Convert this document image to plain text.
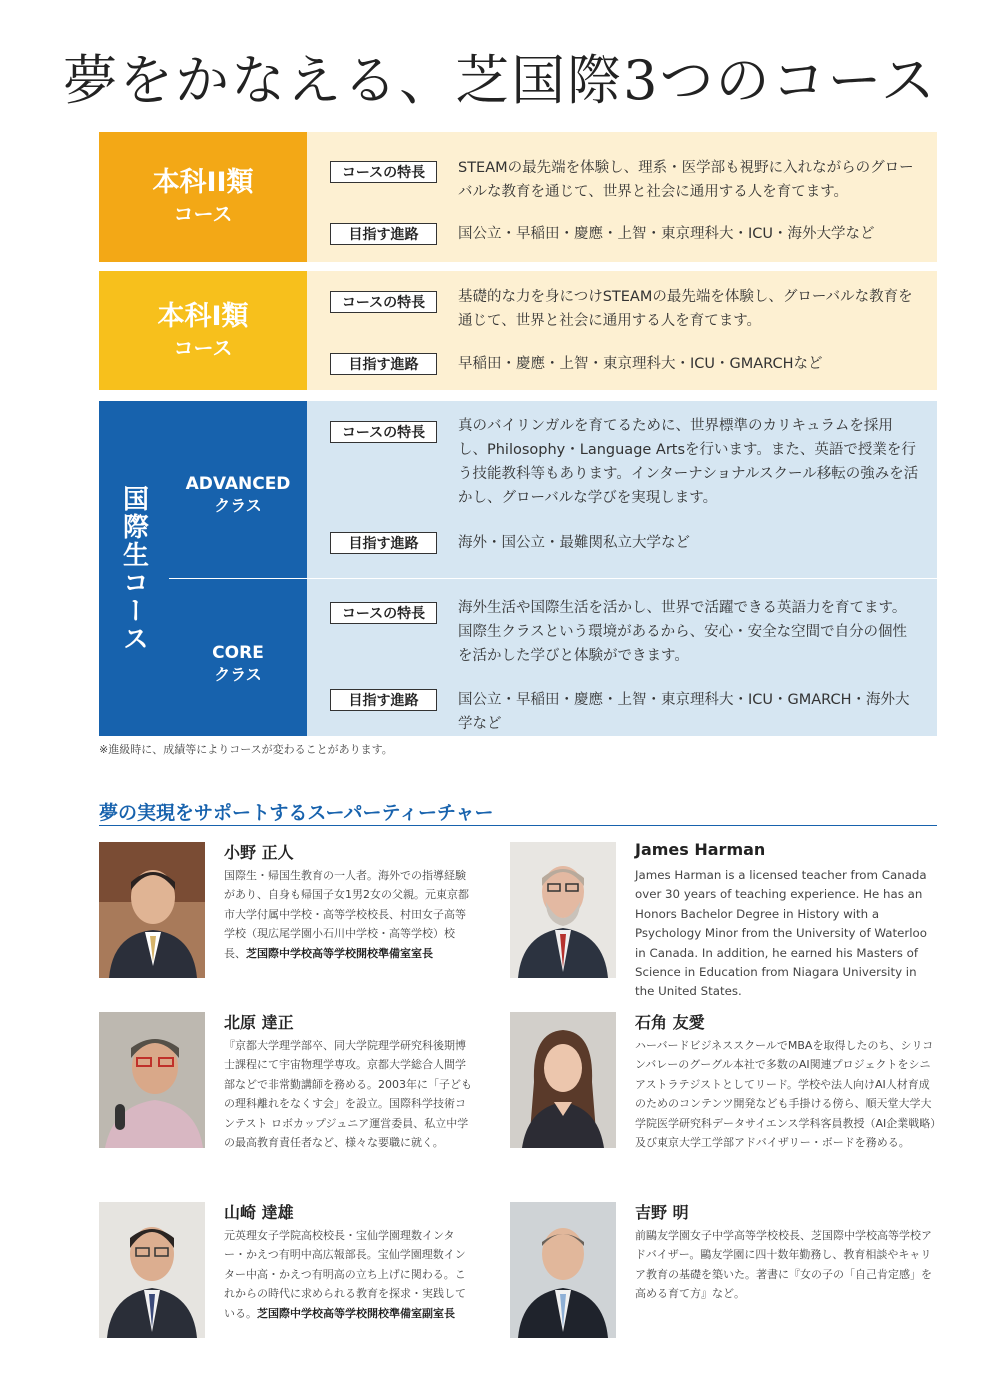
夢をかなえる、芝国際3つのコース
本科II類
コース
コースの特長	STEAMの最先端を体験し、理系・医学部も視野に入れながらのグローバルな教育を通じて、世界と社会に通用する人を育てます。
目指す進路	国公立・早稲田・慶應・上智・東京理科大・ICU・海外大学など
本科I類
コース
コースの特長	基礎的な力を身につけSTEAMの最先端を体験し、グローバルな教育を通じて、世界と社会に通用する人を育てます。
目指す進路	早稲田・慶應・上智・東京理科大・ICU・GMARCHなど
国際生コース
ADVANCED
クラス
CORE
クラス
コースの特長	真のバイリンガルを育てるために、世界標準のカリキュラムを採用し、Philosophy・Language Artsを行います。また、英語で授業を行う技能教科等もあります。インターナショナルスクール移転の強みを活かし、グローバルな学びを実現します。
目指す進路	海外・国公立・最難関私立大学など
コースの特長	海外生活や国際生活を活かし、世界で活躍できる英語力を育てます。国際生クラスという環境があるから、安心・安全な空間で自分の個性を活かした学びと体験ができます。
目指す進路	国公立・早稲田・慶應・上智・東京理科大・ICU・GMARCH・海外大学など
※進級時に、成績等によりコースが変わることがあります。
夢の実現をサポートするスーパーティーチャー
小野 正人
国際生・帰国生教育の一人者。海外での指導経験があり、自身も帰国子女1男2女の父親。元東京都市大学付属中学校・高等学校校長、村田女子高等学校（現広尾学園小石川中学校・高等学校）校長、芝国際中学校高等学校開校準備室室長
James Harman
James Harman is a licensed teacher from Canada over 30 years of teaching experience. He has an Honors Bachelor Degree in History with a Psychology Minor from the University of Waterloo in Canada. In addition, he earned his Masters of Science in Education from Niagara University in the United States.
北原 達正
『京都大学理学部卒、同大学院理学研究科後期博士課程にて宇宙物理学専攻。京都大学総合人間学部などで非常勤講師を務める。2003年に「子どもの理科離れをなくす会」を設立。国際科学技術コンテスト ロボカップジュニア運営委員、私立中学の最高教育責任者など、様々な要職に就く。
石角 友愛
ハーバードビジネススクールでMBAを取得したのち、シリコンバレーのグーグル本社で多数のAI関連プロジェクトをシニアストラテジストとしてリード。学校や法人向けAI人材育成のためのコンテンツ開発なども手掛ける傍ら、順天堂大学大学院医学研究科データサイエンス学科客員教授（AI企業戦略）及び東京大学工学部アドバイザリー・ボードを務める。
山崎 達雄
元英理女子学院高校校長・宝仙学園理数インター・かえつ有明中高広報部長。宝仙学園理数インター中高・かえつ有明高の立ち上げに関わる。これからの時代に求められる教育を探求・実践している。芝国際中学校高等学校開校準備室副室長
吉野 明
前鷗友学園女子中学高等学校校長、芝国際中学校高等学校アドバイザー。鷗友学園に四十数年勤務し、教育相談やキャリア教育の基礎を築いた。著書に『女の子の「自己肯定感」を高める育て方』など。
